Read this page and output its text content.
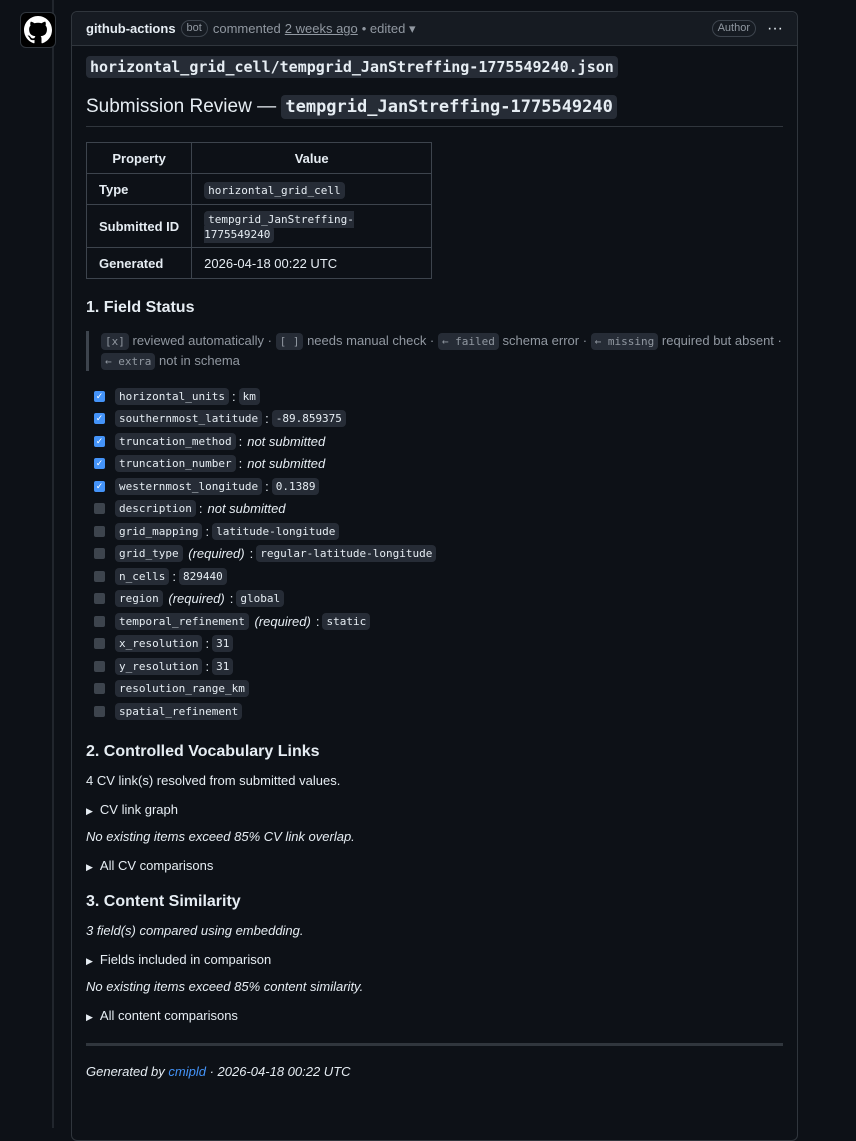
github-actions	bot commented 2 weeks ago • edited ▾	Author	···
horizontal_grid_cell/tempgrid_JanStreffing-1775549240.json
Submission Review — tempgrid_JanStreffing-1775549240
Property	Value
Type	horizontal_grid_cell
Submitted ID	tempgrid_JanStreffing-1775549240
Generated	2026-04-18 00:22 UTC
1. Field Status
[x] reviewed automatically · [ ] needs manual check · ← failed schema error · ← missing required but absent · ← extra not in schema
✓	horizontal_units : km
✓	southernmost_latitude : -89.859375
✓	truncation_method : not submitted
✓	truncation_number : not submitted
✓	westernmost_longitude : 0.1389
description : not submitted
grid_mapping : latitude-longitude
grid_type
(required) : regular-latitude-longitude
n_cells : 829440
region
(required) : global
temporal_refinement
(required) : static
x_resolution : 31
y_resolution : 31
resolution_range_km
spatial_refinement
2. Controlled Vocabulary Links

4 CV link(s) resolved from submitted values.

▶ CV link graph

No existing items exceed 85% CV link overlap.

▶ All CV comparisons
3. Content Similarity

3 field(s) compared using embedding.

▶ Fields included in comparison

No existing items exceed 85% content similarity.

▶ All content comparisons

Generated by cmipld · 2026-04-18 00:22 UTC
